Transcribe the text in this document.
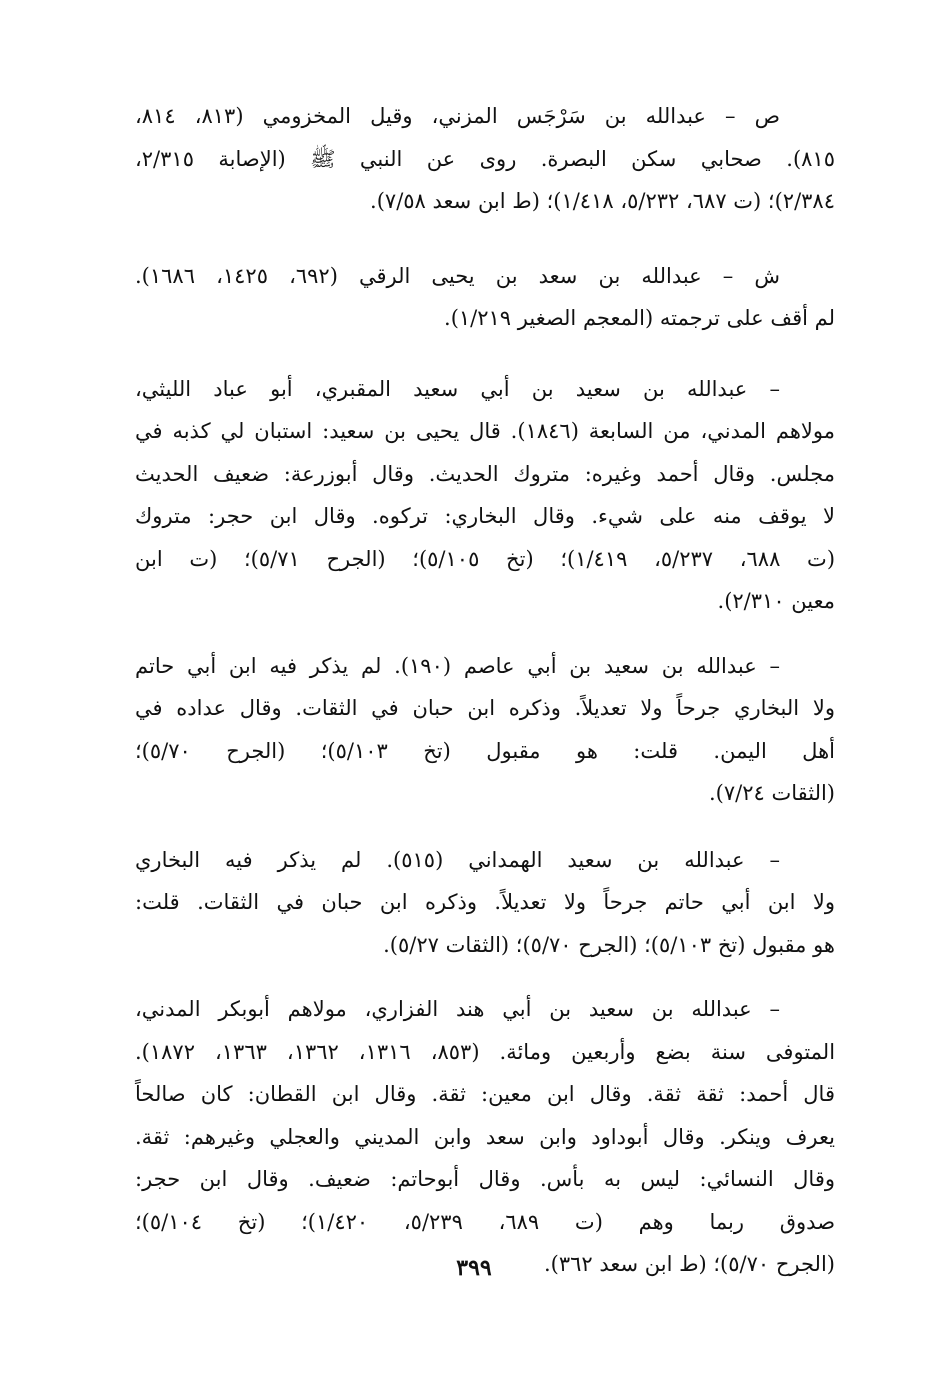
ص – عبدالله بن سَرْجَس المزني، وقيل المخزومي (٨١٣، ٨١٤،
٨١٥). صحابي سكن البصرة. روى عن النبي ﷺ (الإصابة ٢/٣١٥،
٢/٣٨٤)؛ (ت ٦٨٧، ٥/٢٣٢، ١/٤١٨)؛ (ط ابن سعد ٧/٥٨).
ش – عبدالله بن سعد بن يحيى الرقي (٦٩٢، ١٤٢٥، ١٦٨٦).
لم أقف على ترجمته (المعجم الصغير ١/٢١٩).
– عبدالله بن سعيد بن أبي سعيد المقبري، أبو عباد الليثي،
مولاهم المدني، من السابعة (١٨٤٦). قال يحيى بن سعيد: استبان لي كذبه في
مجلس. وقال أحمد وغيره: متروك الحديث. وقال أبوزرعة: ضعيف الحديث
لا يوقف منه على شيء. وقال البخاري: تركوه. وقال ابن حجر: متروك
(ت ٦٨٨، ٥/٢٣٧، ١/٤١٩)؛ (تخ ٥/١٠٥)؛ (الجرح ٥/٧١)؛ (ت ابن
معين ٢/٣١٠).
– عبدالله بن سعيد بن أبي عاصم (١٩٠). لم يذكر فيه ابن أبي حاتم
ولا البخاري جرحاً ولا تعديلاً. وذكره ابن حبان في الثقات. وقال عداده في
أهل اليمن. قلت: هو مقبول (تخ ٥/١٠٣)؛ (الجرح ٥/٧٠)؛
(الثقات ٧/٢٤).
– عبدالله بن سعيد الهمداني (٥١٥). لم يذكر فيه البخاري
ولا ابن أبي حاتم جرحاً ولا تعديلاً. وذكره ابن حبان في الثقات. قلت:
هو مقبول (تخ ٥/١٠٣)؛ (الجرح ٥/٧٠)؛ (الثقات ٥/٢٧).
– عبدالله بن سعيد بن أبي هند الفزاري، مولاهم أبوبكر المدني،
المتوفى سنة بضع وأربعين ومائة. (٨٥٣، ١٣١٦، ١٣٦٢، ١٣٦٣، ١٨٧٢).
قال أحمد: ثقة ثقة. وقال ابن معين: ثقة. وقال ابن القطان: كان صالحاً
يعرف وينكر. وقال أبوداود وابن سعد وابن المديني والعجلي وغيرهم: ثقة.
وقال النسائي: ليس به بأس. وقال أبوحاتم: ضعيف. وقال ابن حجر:
صدوق ربما وهم (ت ٦٨٩، ٥/٢٣٩، ١/٤٢٠)؛ (تخ ٥/١٠٤)؛
(الجرح ٥/٧٠)؛ (ط ابن سعد ٣٦٢).
٣٩٩
